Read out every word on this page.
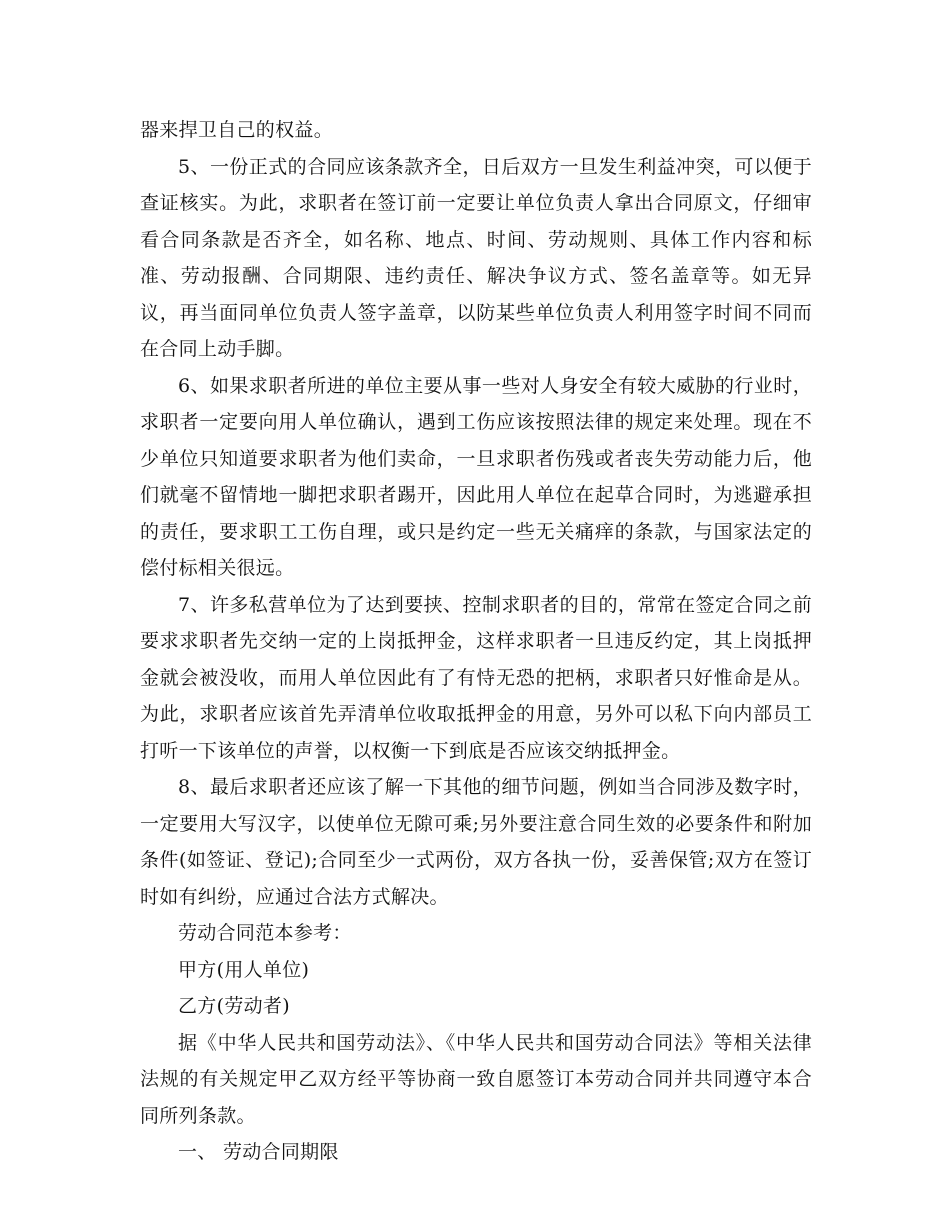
器来捍卫自己的权益。

5、一份正式的合同应该条款齐全，日后双方一旦发生利益冲突，可以便于查证核实。为此，求职者在签订前一定要让单位负责人拿出合同原文，仔细审看合同条款是否齐全，如名称、地点、时间、劳动规则、具体工作内容和标准、劳动报酬、合同期限、违约责任、解决争议方式、签名盖章等。如无异议，再当面同单位负责人签字盖章，以防某些单位负责人利用签字时间不同而在合同上动手脚。

6、如果求职者所进的单位主要从事一些对人身安全有较大威胁的行业时，求职者一定要向用人单位确认，遇到工伤应该按照法律的规定来处理。现在不少单位只知道要求职者为他们卖命，一旦求职者伤残或者丧失劳动能力后，他们就毫不留情地一脚把求职者踢开，因此用人单位在起草合同时，为逃避承担的责任，要求职工工伤自理，或只是约定一些无关痛痒的条款，与国家法定的偿付标相关很远。

7、许多私营单位为了达到要挟、控制求职者的目的，常常在签定合同之前要求求职者先交纳一定的上岗抵押金，这样求职者一旦违反约定，其上岗抵押金就会被没收，而用人单位因此有了有恃无恐的把柄，求职者只好惟命是从。为此，求职者应该首先弄清单位收取抵押金的用意，另外可以私下向内部员工打听一下该单位的声誉，以权衡一下到底是否应该交纳抵押金。

8、最后求职者还应该了解一下其他的细节问题，例如当合同涉及数字时，一定要用大写汉字，以使单位无隙可乘;另外要注意合同生效的必要条件和附加条件(如签证、登记);合同至少一式两份，双方各执一份，妥善保管;双方在签订时如有纠纷，应通过合法方式解决。

劳动合同范本参考：

甲方(用人单位)

乙方(劳动者)

据《中华人民共和国劳动法》、《中华人民共和国劳动合同法》等相关法律法规的有关规定甲乙双方经平等协商一致自愿签订本劳动合同并共同遵守本合同所列条款。

一、 劳动合同期限
